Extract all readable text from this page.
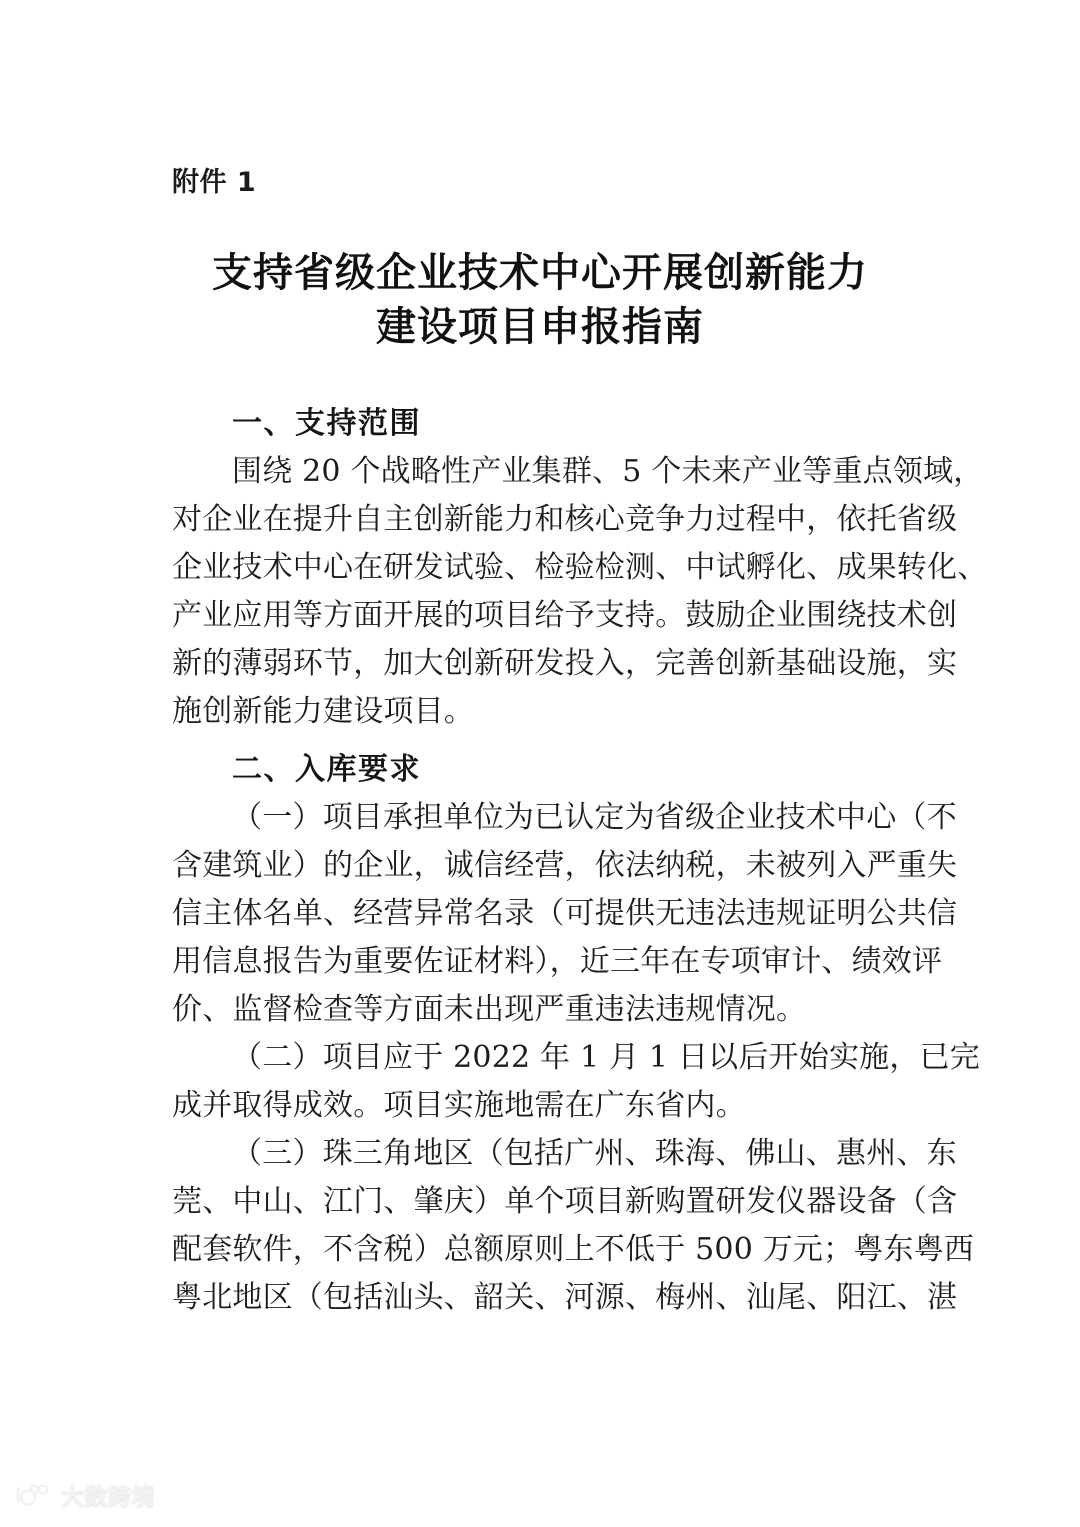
附件 1
支持省级企业技术中心开展创新能力
建设项目申报指南

一、支持范围

围绕 20 个战略性产业集群、5 个未来产业等重点领域，
对企业在提升自主创新能力和核心竞争力过程中，依托省级
企业技术中心在研发试验、检验检测、中试孵化、成果转化、
产业应用等方面开展的项目给予支持。鼓励企业围绕技术创
新的薄弱环节，加大创新研发投入，完善创新基础设施，实
施创新能力建设项目。

二、入库要求

（一）项目承担单位为已认定为省级企业技术中心（不
含建筑业）的企业，诚信经营，依法纳税，未被列入严重失
信主体名单、经营异常名录（可提供无违法违规证明公共信
用信息报告为重要佐证材料），近三年在专项审计、绩效评
价、监督检查等方面未出现严重违法违规情况。
（二）项目应于 2022 年 1 月 1 日以后开始实施，已完
成并取得成效。项目实施地需在广东省内。
（三）珠三角地区（包括广州、珠海、佛山、惠州、东
莞、中山、江门、肇庆）单个项目新购置研发仪器设备（含
配套软件，不含税）总额原则上不低于 500 万元；粤东粤西
粤北地区（包括汕头、韶关、河源、梅州、汕尾、阳江、湛
大数跨境
